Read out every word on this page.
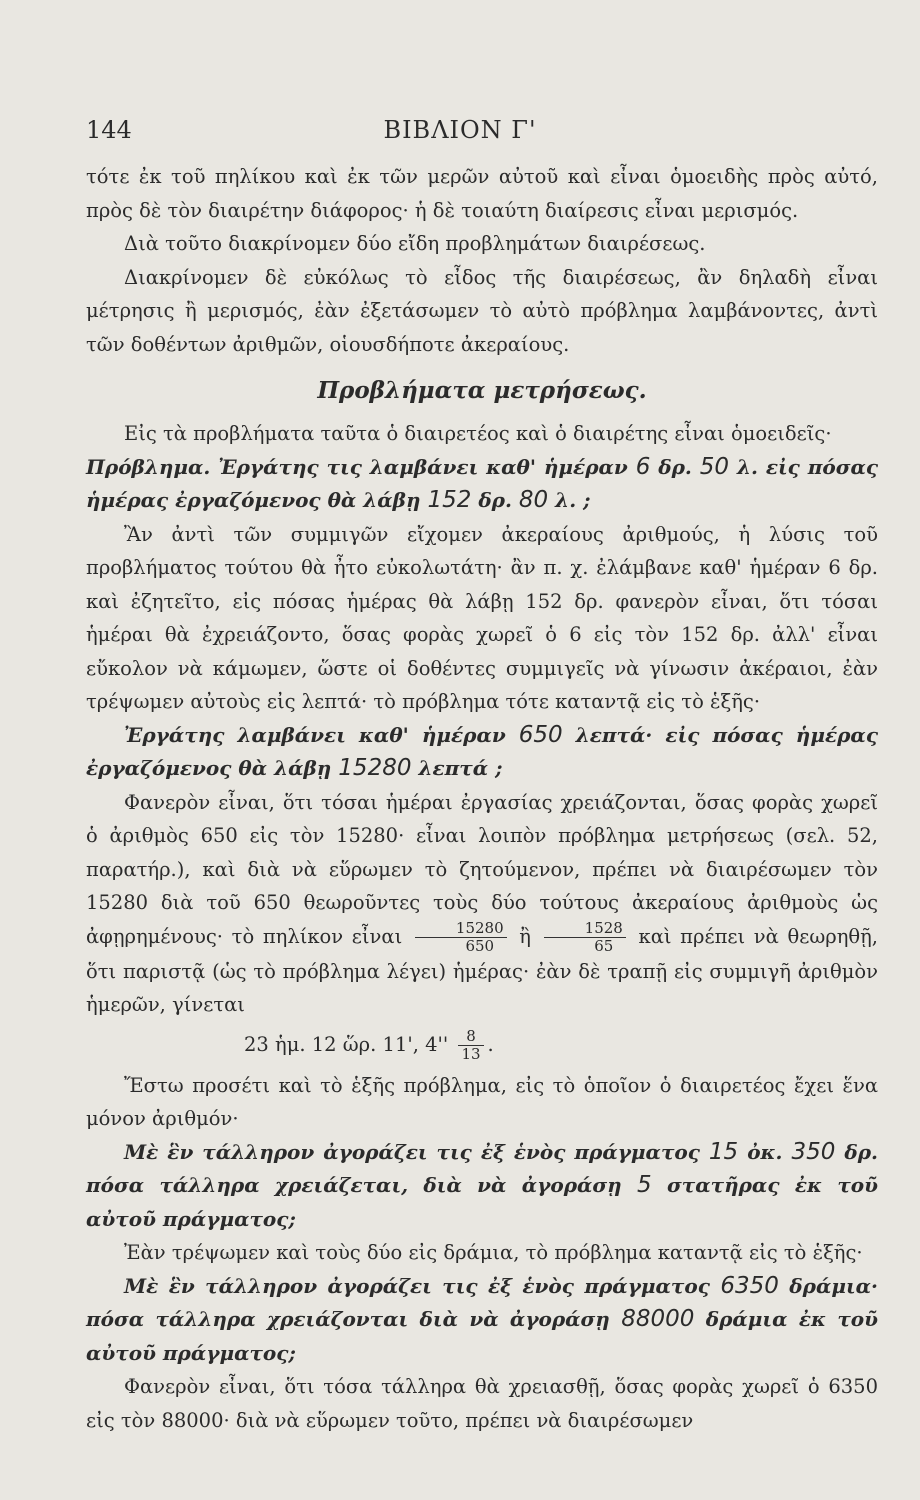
144	ΒΙΒΛΙΟΝ Γ'

τότε ἐκ τοῦ πηλίκου καὶ ἐκ τῶν μερῶν αὐτοῦ καὶ εἶναι ὁμοειδὴς πρὸς αὐτό, πρὸς δὲ τὸν διαιρέτην διάφορος· ἡ δὲ τοιαύτη διαίρεσις εἶναι μερισμός.

Διὰ τοῦτο διακρίνομεν δύο εἴδη προβλημάτων διαιρέσεως.

Διακρίνομεν δὲ εὐκόλως τὸ εἶδος τῆς διαιρέσεως, ἂν δηλαδὴ εἶναι μέτρησις ἢ μερισμός, ἐὰν ἐξετάσωμεν τὸ αὐτὸ πρόβλημα λαμβάνοντες, ἀντὶ τῶν δοθέντων ἀριθμῶν, οἱουσδήποτε ἀκεραίους.

Προβλήματα μετρήσεως.

Εἰς τὰ προβλήματα ταῦτα ὁ διαιρετέος καὶ ὁ διαιρέτης εἶναι ὁμοειδεῖς·

Πρόβλημα. Ἐργάτης τις λαμβάνει καθ' ἡμέραν 6 δρ. 50 λ. εἰς πόσας ἡμέρας ἐργαζόμενος θὰ λάβῃ 152 δρ. 80 λ. ;

Ἂν ἀντὶ τῶν συμμιγῶν εἴχομεν ἀκεραίους ἀριθμούς, ἡ λύσις τοῦ προβλήματος τούτου θὰ ἦτο εὐκολωτάτη· ἂν π. χ. ἐλάμβανε καθ' ἡμέραν 6 δρ. καὶ ἐζητεῖτο, εἰς πόσας ἡμέρας θὰ λάβῃ 152 δρ. φανερὸν εἶναι, ὅτι τόσαι ἡμέραι θὰ ἐχρειάζοντο, ὅσας φορὰς χωρεῖ ὁ 6 εἰς τὸν 152 δρ. ἀλλ' εἶναι εὔκολον νὰ κάμωμεν, ὥστε οἱ δοθέντες συμμιγεῖς νὰ γίνωσιν ἀκέραιοι, ἐὰν τρέψωμεν αὐτοὺς εἰς λεπτά· τὸ πρόβλημα τότε καταντᾷ εἰς τὸ ἑξῆς·

Ἐργάτης λαμβάνει καθ' ἡμέραν 650 λεπτά· εἰς πόσας ἡμέρας ἐργαζόμενος θὰ λάβῃ 15280 λεπτά ;

Φανερὸν εἶναι, ὅτι τόσαι ἡμέραι ἐργασίας χρειάζονται, ὅσας φορὰς χωρεῖ ὁ ἀριθμὸς 650 εἰς τὸν 15280· εἶναι λοιπὸν πρόβλημα μετρήσεως (σελ. 52, παρατήρ.), καὶ διὰ νὰ εὕρωμεν τὸ ζητούμενον, πρέπει νὰ διαιρέσωμεν τὸν 15280 διὰ τοῦ 650 θεωροῦντες τοὺς δύο τούτους ἀκεραίους ἀριθμοὺς ὡς ἀφῃρημένους· τὸ πηλίκον εἶναι $\frac{15280}{650}$ ἢ $\frac{1528}{65}$ καὶ πρέπει νὰ θεωρηθῇ, ὅτι παριστᾷ (ὡς τὸ πρόβλημα λέγει) ἡμέρας· ἐὰν δὲ τραπῇ εἰς συμμιγῆ ἀριθμὸν ἡμερῶν, γίνεται

23 ἡμ. 12 ὥρ. 11', $4'' \frac{8}{13}$ .

Ἔστω προσέτι καὶ τὸ ἑξῆς πρόβλημα, εἰς τὸ ὁποῖον ὁ διαιρετέος ἔχει ἕνα μόνον ἀριθμόν·

Μὲ ἓν τάλληρον ἀγοράζει τις ἐξ ἑνὸς πράγματος 15 ὀκ. 350 δρ. πόσα τάλληρα χρειάζεται, διὰ νὰ ἀγοράσῃ 5 στατῆρας ἐκ τοῦ αὐτοῦ πράγματος;

Ἐὰν τρέψωμεν καὶ τοὺς δύο εἰς δράμια, τὸ πρόβλημα καταντᾷ εἰς τὸ ἑξῆς·

Μὲ ἓν τάλληρον ἀγοράζει τις ἐξ ἑνὸς πράγματος 6350 δράμια· πόσα τάλληρα χρειάζονται διὰ νὰ ἀγοράσῃ 88000 δράμια ἐκ τοῦ αὐτοῦ πράγματος;

Φανερὸν εἶναι, ὅτι τόσα τάλληρα θὰ χρειασθῇ, ὅσας φορὰς χωρεῖ ὁ 6350 εἰς τὸν 88000· διὰ νὰ εὕρωμεν τοῦτο, πρέπει νὰ διαιρέσωμεν
